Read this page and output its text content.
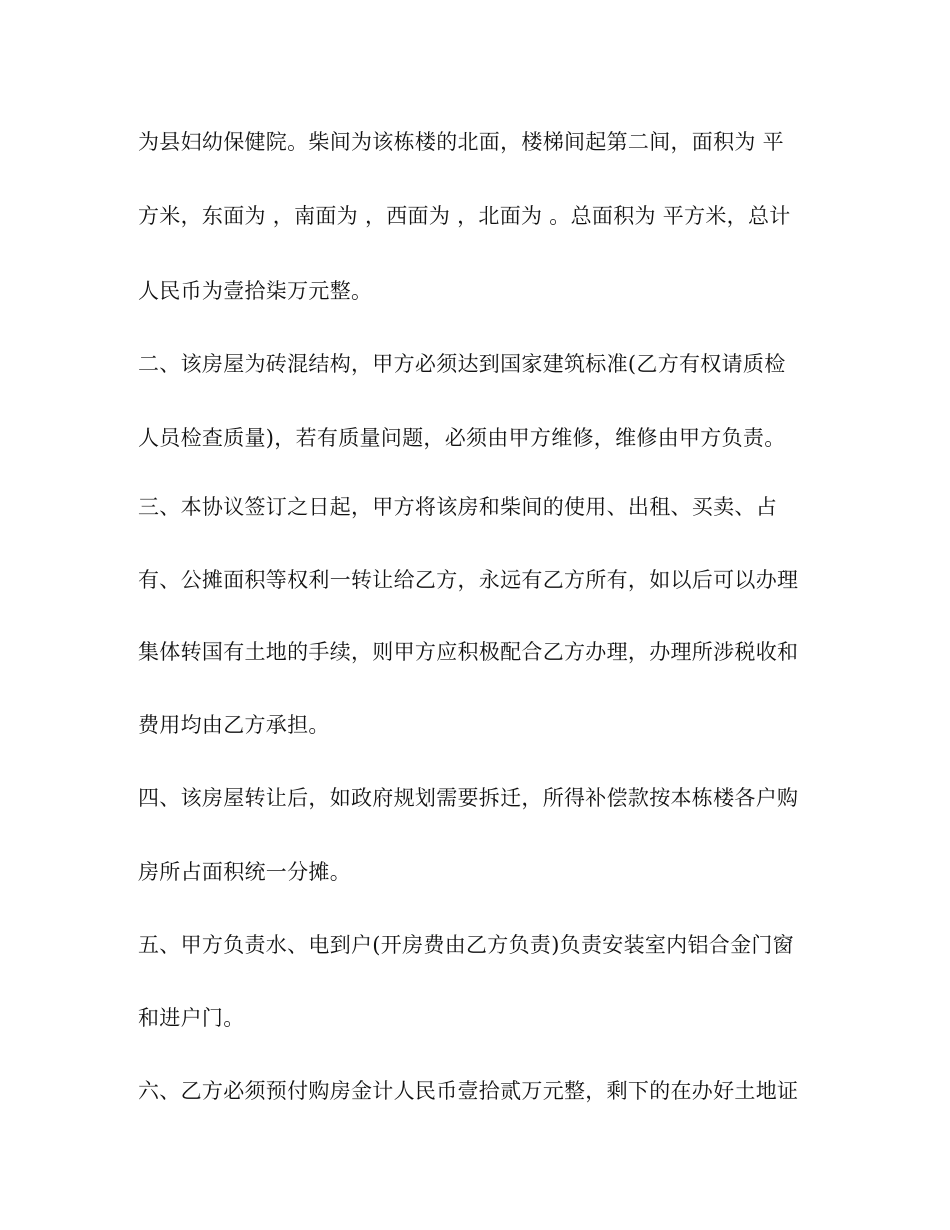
为县妇幼保健院。柴间为该栋楼的北面，楼梯间起第二间，面积为 平
方米，东面为 ，南面为 ，西面为 ，北面为 。总面积为 平方米，总计
人民币为壹拾柒万元整。
二、该房屋为砖混结构，甲方必须达到国家建筑标准(乙方有权请质检
人员检查质量)，若有质量问题，必须由甲方维修，维修由甲方负责。
三、本协议签订之日起，甲方将该房和柴间的使用、出租、买卖、占
有、公摊面积等权利一转让给乙方，永远有乙方所有，如以后可以办理
集体转国有土地的手续，则甲方应积极配合乙方办理，办理所涉税收和
费用均由乙方承担。
四、该房屋转让后，如政府规划需要拆迁，所得补偿款按本栋楼各户购
房所占面积统一分摊。
五、甲方负责水、电到户(开房费由乙方负责)负责安装室内铝合金门窗
和进户门。
六、乙方必须预付购房金计人民币壹拾贰万元整，剩下的在办好土地证
